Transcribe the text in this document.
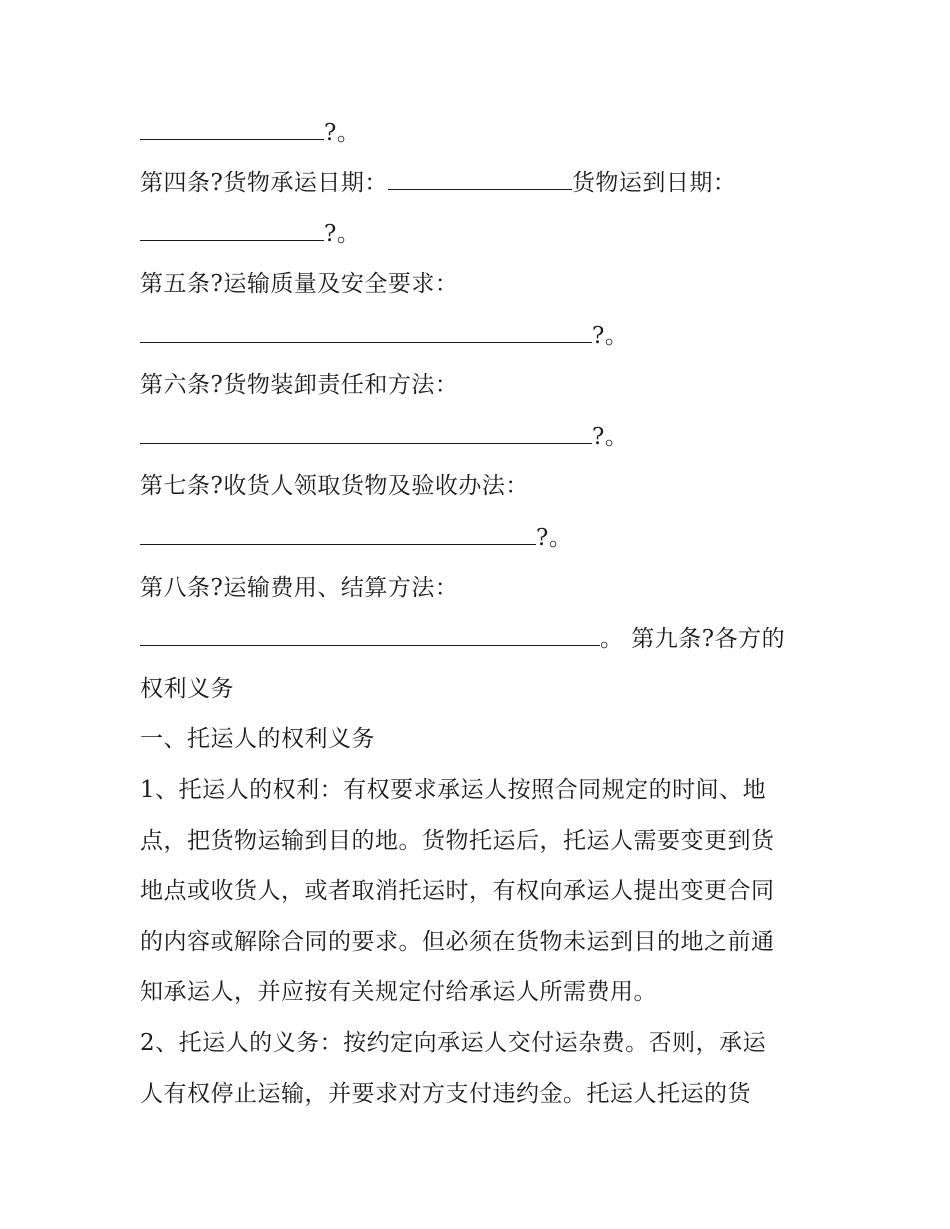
?。
第四条?货物承运日期：	货物运到日期：
?。
第五条?运输质量及安全要求：
?。
第六条?货物装卸责任和方法：
?。
第七条?收货人领取货物及验收办法：
?。
第八条?运输费用、结算方法：
。 第九条?各方的
权利义务
一、托运人的权利义务
1、托运人的权利：有权要求承运人按照合同规定的时间、地
点，把货物运输到目的地。货物托运后，托运人需要变更到货
地点或收货人，或者取消托运时，有权向承运人提出变更合同
的内容或解除合同的要求。但必须在货物未运到目的地之前通
知承运人，并应按有关规定付给承运人所需费用。
2、托运人的义务：按约定向承运人交付运杂费。否则，承运
人有权停止运输，并要求对方支付违约金。托运人托运的货
